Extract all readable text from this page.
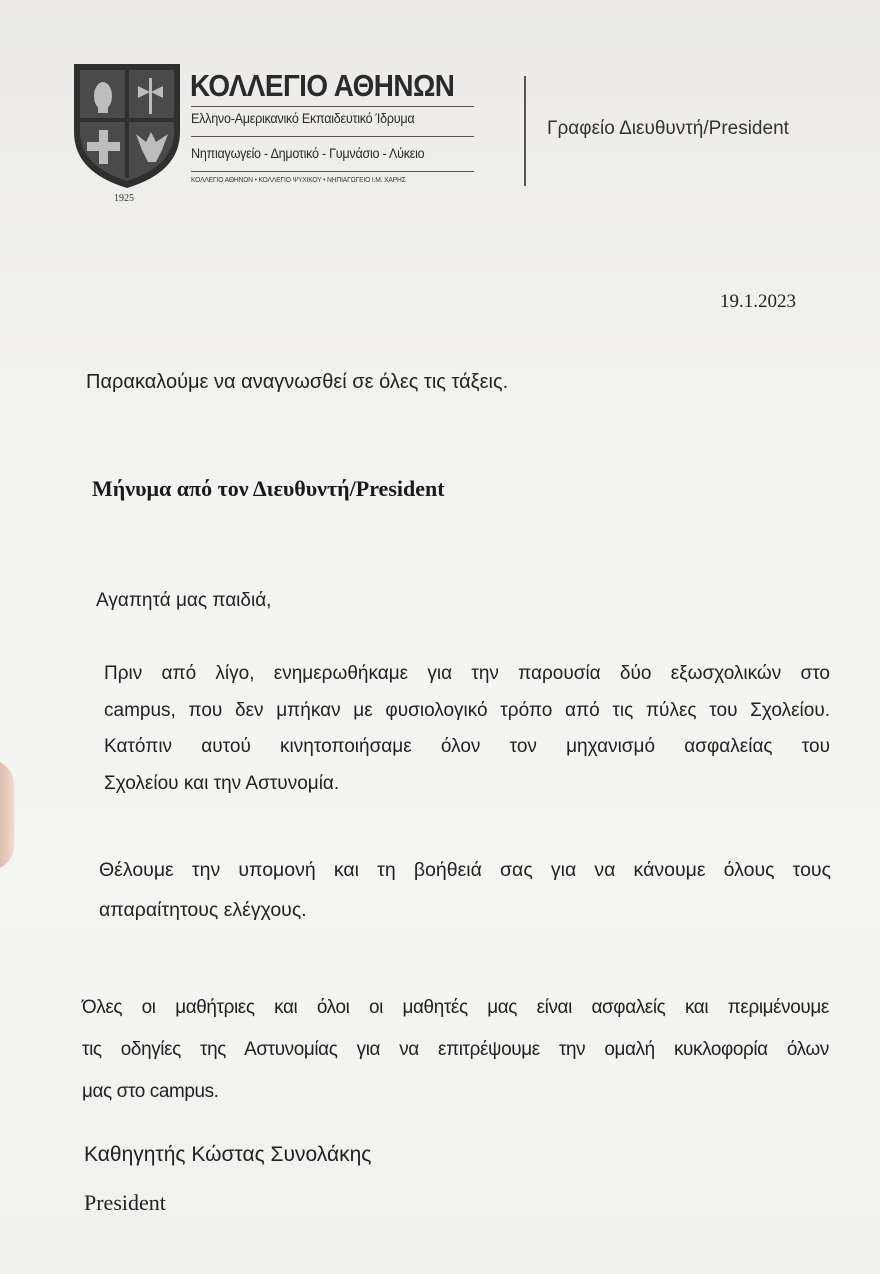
1925
ΚΟΛΛΕΓΙΟ ΑΘΗΝΩΝ
Ελληνο-Αμερικανικό Εκπαιδευτικό Ίδρυμα
Νηπιαγωγείο - Δημοτικό - Γυμνάσιο - Λύκειο
ΚΟΛΛΕΓΙΟ ΑΘΗΝΩΝ • ΚΟΛΛΕΓΙΟ ΨΥΧΙΚΟΥ • ΝΗΠΙΑΓΩΓΕΙΟ Ι.Μ. ΧΑΡΗΣ
Γραφείο Διευθυντή/President
19.1.2023
Παρακαλούμε να αναγνωσθεί σε όλες τις τάξεις.
Μήνυμα από τον Διευθυντή/President
Αγαπητά μας παιδιά,
Πριν από λίγο, ενημερωθήκαμε για την παρουσία δύο εξωσχολικών στο
campus, που δεν μπήκαν με φυσιολογικό τρόπο από τις πύλες του Σχολείου.
Κατόπιν αυτού κινητοποιήσαμε όλον τον μηχανισμό ασφαλείας του
Σχολείου και την Αστυνομία.
Θέλουμε την υπομονή και τη βοήθειά σας για να κάνουμε όλους τους
απαραίτητους ελέγχους.
Όλες οι μαθήτριες και όλοι οι μαθητές μας είναι ασφαλείς και περιμένουμε
τις οδηγίες της Αστυνομίας για να επιτρέψουμε την ομαλή κυκλοφορία όλων
μας στο campus.
Καθηγητής Κώστας Συνολάκης
President
